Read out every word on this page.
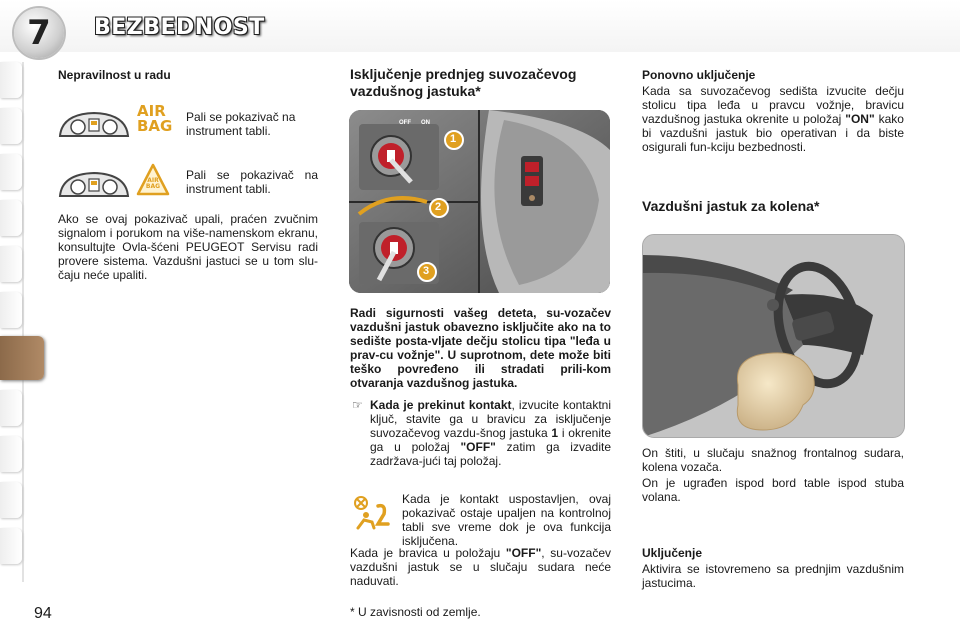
7	BEZBEDNOST
Nepravilnost u radu
AIR
BAG	Pali se pokazivač na instrument tabli.
AIR
BAG
Pali se pokazivač na instrument tabli.
Ako se ovaj pokazivač upali, praćen zvučnim signalom i porukom na više-namenskom ekranu, konsultujte Ovla-šćeni PEUGEOT Servisu radi provere sistema. Vazdušni jastuci se u tom slu-čaju neće upaliti.
Isključenje prednjeg suvozačevog vazdušnog jastuka*
OFF ON
1
2
3
Radi sigurnosti vašeg deteta, su-vozačev vazdušni jastuk obavezno isključite ako na to sedište posta-vljate dečju stolicu tipa "leđa u prav-cu vožnje". U suprotnom, dete može biti teško povređeno ili stradati prili-kom otvaranja vazdušnog jastuka.
☞ Kada je prekinut kontakt, izvucite kontaktni ključ, stavite ga u bravicu za isključenje suvozačevog vazdu-šnog jastuka 1 i okrenite ga u položaj "OFF" zatim ga izvadite zadržava-jući taj položaj.
Kada je kontakt uspostavljen, ovaj pokazivač ostaje upaljen na kontrolnoj tabli sve vreme dok je ova funkcija isključena.
Kada je bravica u položaju "OFF", su-vozačev vazdušni jastuk se u slučaju sudara neće naduvati.
* U zavisnosti od zemlje.
Ponovno uključenje
Kada sa suvozačevog sedišta izvucite dečju stolicu tipa leđa u pravcu vožnje, bravicu vazdušnog jastuka okrenite u položaj "ON" kako bi vazdušni jastuk bio operativan i da biste osigurali fun-kciju bezbednosti.
Vazdušni jastuk za kolena*
On štiti, u slučaju snažnog frontalnog sudara, kolena vozača.
On je ugrađen ispod bord table ispod stuba volana.
Uključenje
Aktivira se istovremeno sa prednjim vazdušnim jastucima.
94
